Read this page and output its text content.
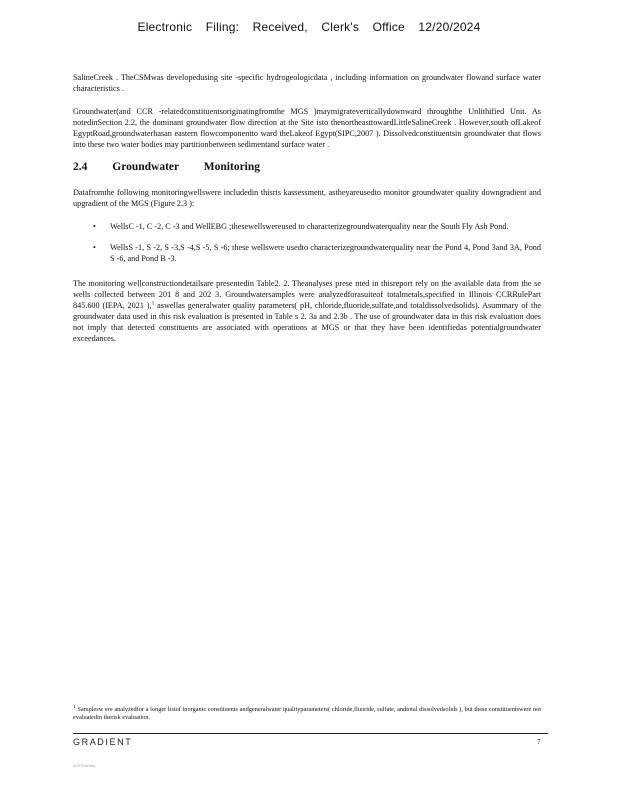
Electronic Filing: Received, Clerk's Office 12/20/2024

SalineCreek . TheCSMwas developedusing site -specific hydrogeologicdata , including information on groundwater flowand surface water characteristics .

Groundwater(and CCR -relatedconstituentsoriginatingfromthe MGS )maymigrateverticallydownward throughthe Unlithified Unit. As notedinSection 2.2, the dominant groundwater flow direction at the Site isto thenortheasttowardLittleSalineCreek . However,south ofLakeof EgyptRoad,groundwaterhasan eastern flowcomponentto ward theLakeof Egypt(SIPC,2007 ). Dissolvedconstituentsin groundwater that flows into these two water bodies may partitionbetween sedimentand surface water .

2.4 Groundwater Monitoring

Datafromthe following monitoringwellswere includedin thisris kassessment, astheyareusedto monitor groundwater quality downgradient and upgradient of the MGS (Figure 2.3 ):

• WellsC -1, C -2, C -3 and WellEBG ;thesewellswereused to characterizegroundwaterquality near the South Fly Ash Pond.
• WellsS -1, S -2, S -3,S -4,S -5, S -6; these wellswere usedto characterizegroundwaterquality near the Pond 4, Pond 3and 3A, Pond S -6, and Pond B -3.

The monitoring wellconstructiondetailsare presentedin Table2. 2. Theanalyses prese nted in thisreport rely on the available data from the se wells collected between 201 8 and 202 3. Groundwatersamples were analyzedforasuiteof totalmetals,specified in Illinois CCRRulePart 845.600 (IEPA, 2021 ),$^1$ aswellas generalwater quality parameters( pH, chloride,fluoride,sulfate,and totaldissolvedsolids). Asummary of the groundwater data used in this risk evaluation is presented in Table s 2. 3a and 2.3b . The use of groundwater data in this risk evaluation does not imply that detected constituents are associated with operations at MGS or that they have been identifiedas potentialgroundwater exceedances.

$^1$ Samplesw ere analyzedfor a longer listof inorganic constituents andgeneralwater qualityparameters( chloride,fluoride, sulfate, andtotal dissolvedsolids ), but these constituentswere not evaluatedin therisk evaluation.
GRADIENT	7
K22704e4ss
